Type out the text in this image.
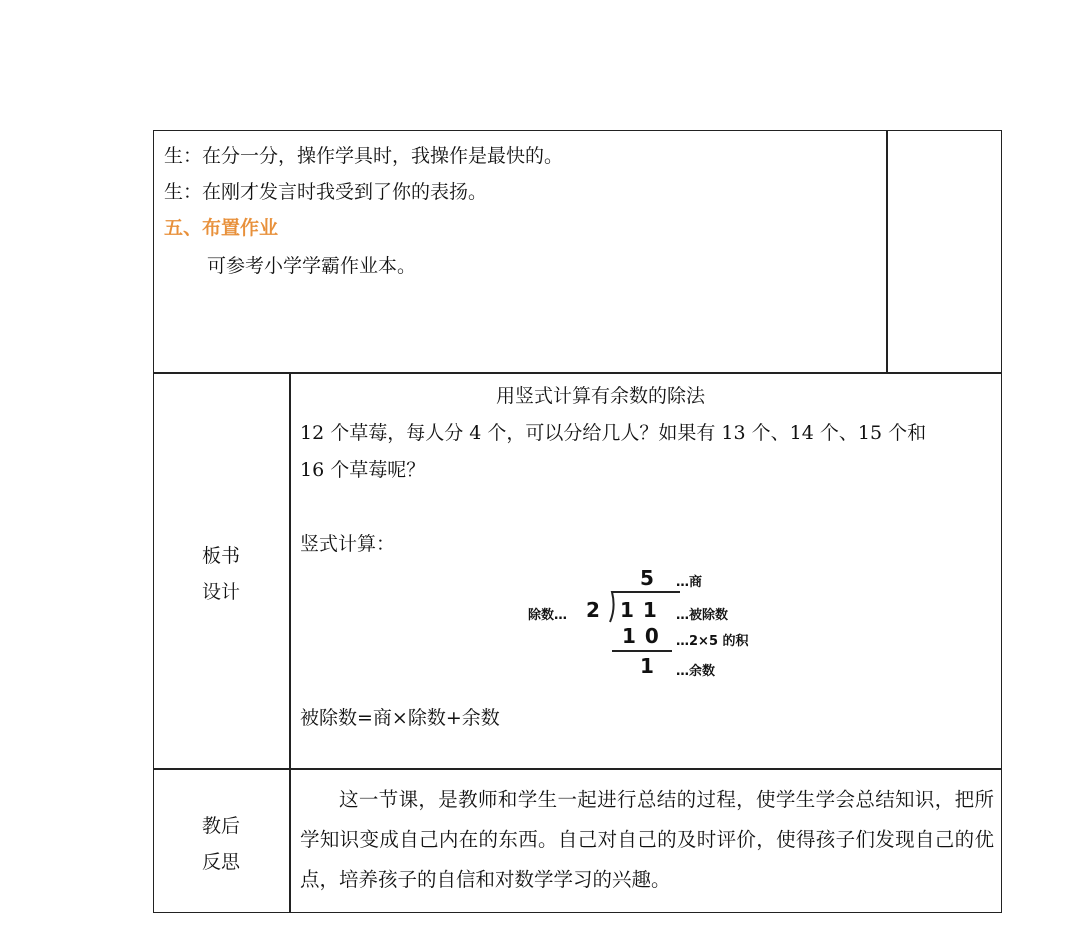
生：在分一分，操作学具时，我操作是最快的。
生：在刚才发言时我受到了你的表扬。
五、布置作业
可参考小学学霸作业本。
板书
设计
用竖式计算有余数的除法
12 个草莓，每人分 4 个，可以分给几人？如果有 13 个、14 个、15 个和
16 个草莓呢？
竖式计算：
5 …商
除数… 2 11 …被除数
10 …2×5 的积
1 …余数
被除数=商×除数+余数
教后
反思
这一节课，是教师和学生一起进行总结的过程，使学生学会总结知识，把所学知识变成自己内在的东西。自己对自己的及时评价，使得孩子们发现自己的优点，培养孩子的自信和对数学学习的兴趣。
